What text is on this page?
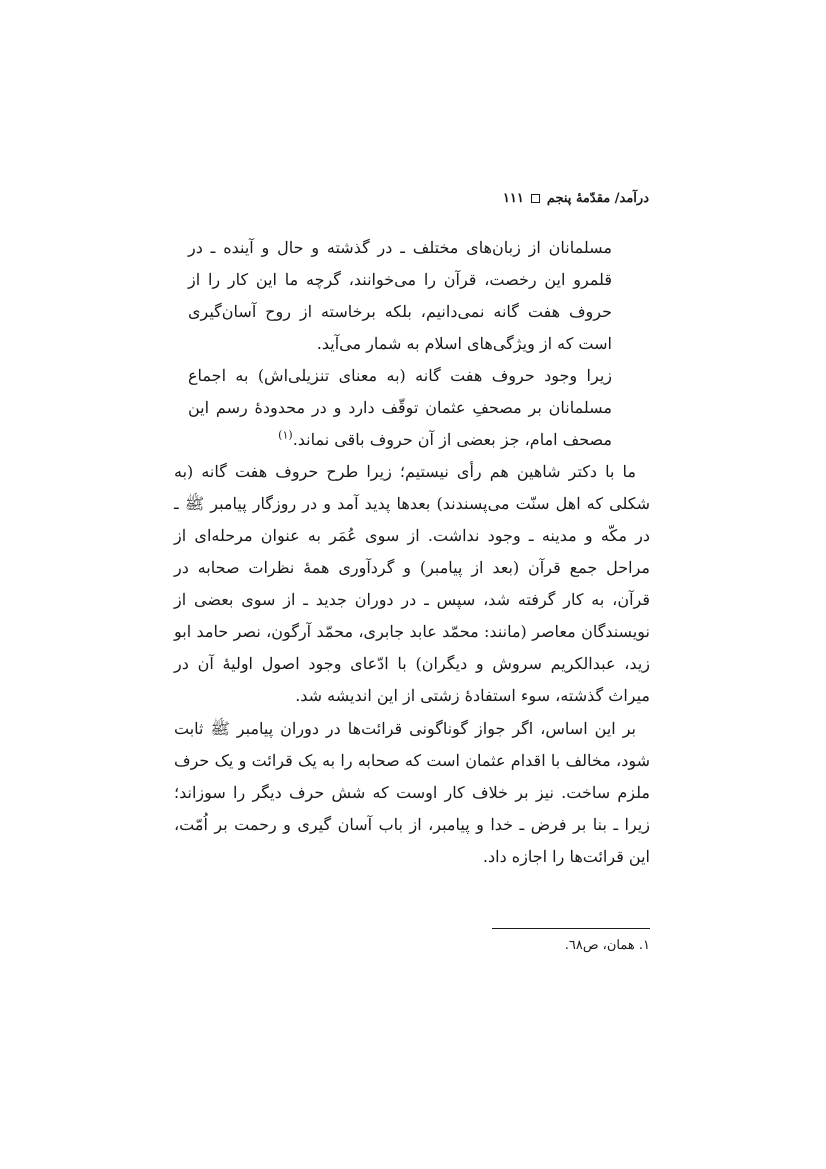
درآمد/ مقدّمهٔ پنجم
١١١

مسلمانان از زبان‌های مختلف ـ در گذشته و حال و آینده ـ در قلمرو این رخصت، قرآن را می‌خوانند، گرچه ما این کار را از حروف هفت گانه نمی‌دانیم، بلکه برخاسته از روح آسان‌گیری است که از ویژگی‌های اسلام به شمار می‌آید.

زیرا وجود حروف هفت گانه (به معنای تنزیلی‌اش) به اجماع مسلمانان بر مصحفِ عثمان توقّف دارد و در محدودهٔ رسم این مصحف امام، جز بعضی از آن حروف باقی نماند.$^{(١)}$

ما با دکتر شاهین هم رأی نیستیم؛ زیرا طرح حروف هفت گانه (به شکلی که اهل سنّت می‌پسندند) بعدها پدید آمد و در روزگار پیامبر ﷺ ـ در مکّه و مدینه ـ وجود نداشت. از سوی عُمَر به عنوان مرحله‌ای از مراحل جمع قرآن (بعد از پیامبر) و گردآوری همهٔ نظرات صحابه در قرآن، به کار گرفته شد، سپس ـ در دوران جدید ـ از سوی بعضی از نویسندگان معاصر (مانند: محمّد عابد جابری، محمّد آرگون، نصر حامد ابو زید، عبدالکریم سروش و دیگران) با ادّعای وجود اصول اولیهٔ آن در میراث گذشته، سوء استفادهٔ زشتی از این اندیشه شد.

بر این اساس، اگر جواز گوناگونی قرائت‌ها در دوران پیامبر ﷺ ثابت شود، مخالف با اقدام عثمان است که صحابه را به یک قرائت و یک حرف ملزم ساخت. نیز بر خلاف کار اوست که شش حرف دیگر را سوزاند؛ زیرا ـ بنا بر فرض ـ خدا و پیامبر، از باب آسان گیری و رحمت بر اُمّت، این قرائت‌ها را اجازه داد.

١. همان، ص٦٨.
